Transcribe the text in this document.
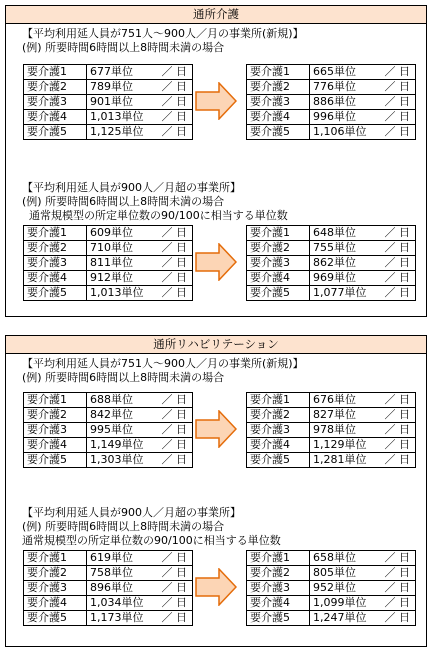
通所介護
【平均利用延人員が751人～900人／月の事業所(新規)】
(例) 所要時間6時間以上8時間未満の場合
要介護1	677単位 ／ 日

要介護2	789単位 ／ 日

要介護3	901単位 ／ 日

要介護4	1,013単位 ／ 日

要介護5	1,125単位 ／ 日
要介護1	665単位 ／ 日

要介護2	776単位 ／ 日

要介護3	886単位 ／ 日

要介護4	996単位 ／ 日

要介護5	1,106単位 ／ 日
【平均利用延人員が900人／月超の事業所】
(例) 所要時間6時間以上8時間未満の場合
通常規模型の所定単位数の90/100に相当する単位数
要介護1	609単位 ／ 日

要介護2	710単位 ／ 日

要介護3	811単位 ／ 日

要介護4	912単位 ／ 日

要介護5	1,013単位 ／ 日
要介護1	648単位 ／ 日

要介護2	755単位 ／ 日

要介護3	862単位 ／ 日

要介護4	969単位 ／ 日

要介護5	1,077単位 ／ 日
通所リハビリテーション
【平均利用延人員が751人～900人／月の事業所(新規)】
(例) 所要時間6時間以上8時間未満の場合
要介護1	688単位 ／ 日

要介護2	842単位 ／ 日

要介護3	995単位 ／ 日

要介護4	1,149単位 ／ 日

要介護5	1,303単位 ／ 日
要介護1	676単位 ／ 日

要介護2	827単位 ／ 日

要介護3	978単位 ／ 日

要介護4	1,129単位 ／ 日

要介護5	1,281単位 ／ 日
【平均利用延人員が900人／月超の事業所】
(例) 所要時間6時間以上8時間未満の場合
通常規模型の所定単位数の90/100に相当する単位数
要介護1	619単位 ／ 日

要介護2	758単位 ／ 日

要介護3	896単位 ／ 日

要介護4	1,034単位 ／ 日

要介護5	1,173単位 ／ 日
要介護1	658単位 ／ 日

要介護2	805単位 ／ 日

要介護3	952単位 ／ 日

要介護4	1,099単位 ／ 日

要介護5	1,247単位 ／ 日
